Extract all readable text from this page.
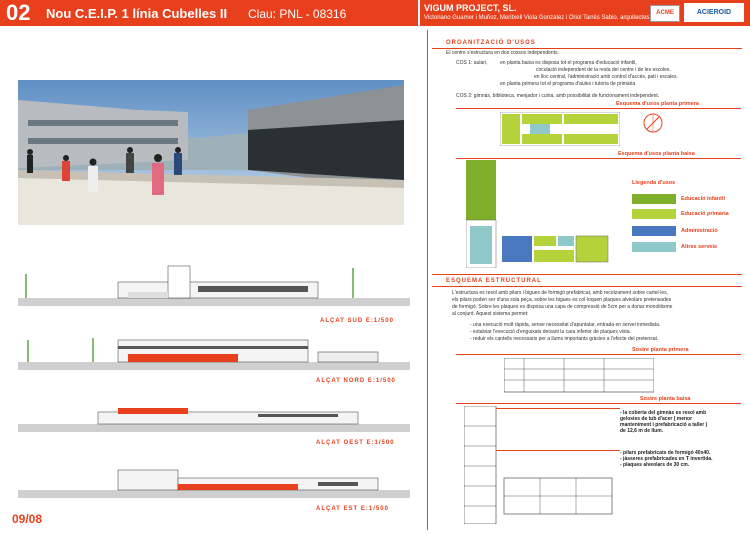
02 Nou C.E.I.P. 1 línia Cubelles II Clau: PNL - 08316	VIGUM PROJECT, SL.
Victoriano Guamer i Muñoz, Meritxell Viola Gonzalez i Oriol Tarrés Sabio, arquitectes
ACME	ACIEROID
ALÇAT SUD E:1/500
ALÇAT NORD E:1/500
ALÇAT OEST E:1/500
ALÇAT EST E:1/500
09/08
ORGANITZACIÓ D'USOS
El centre s'estructura en dos cossos independents.
COS 1: aulari,	en planta baixa es disposa tot el programa d'educació infantil,
circulació independent de la resta del centre i de les escoles.
en lloc central, l'administració amb control d'accés, pati i escales.
en planta primera tot el programa d'aules i tutoria de primària
COS 2: gimnàs, biblioteca, menjador i cuina, amb possibilitat de funcionament independent.
Esquema d'usos planta primera
Esquema d'usos planta baixa
Llegenda d'usos
Educació infantil
Educació primària
Administració
Altres serveis
ESQUEMA ESTRUCTURAL
L'estructura es resol amb pilars i bigues de formigó prefabricat, amb recolzament sobre cartel·les,
els pilars poden ser d'una sola peça, sobre les bigues es col·loquen plaques alveolars pretensades
de formigó. Sobre les plaques es disposa una capa de compressió de 5cm per a donar monolitisme
al conjunt. Aquest sistema permet:
- una execució molt ràpida, sense necessitat d'apuntalar, entrada en servei inmediata.
- estalviar l'execució d'enguixats deixant la cara inferior de plaques vista.
- reduir els cantells necessaris per a llums importants gràcies a l'efecte del pretensat.
Sostre planta primera
Sostre planta baixa
- la coberta del gimnàs es resol amb
gelosies de tub d'acer ( menor
manteniment i prefabricació a taller )
de 12,6 m de llum.
- pilars prefabricats de formigó 40x40.
- jàsseres prefabricades en T invertida.
- plaques alveolars de 30 cm.
